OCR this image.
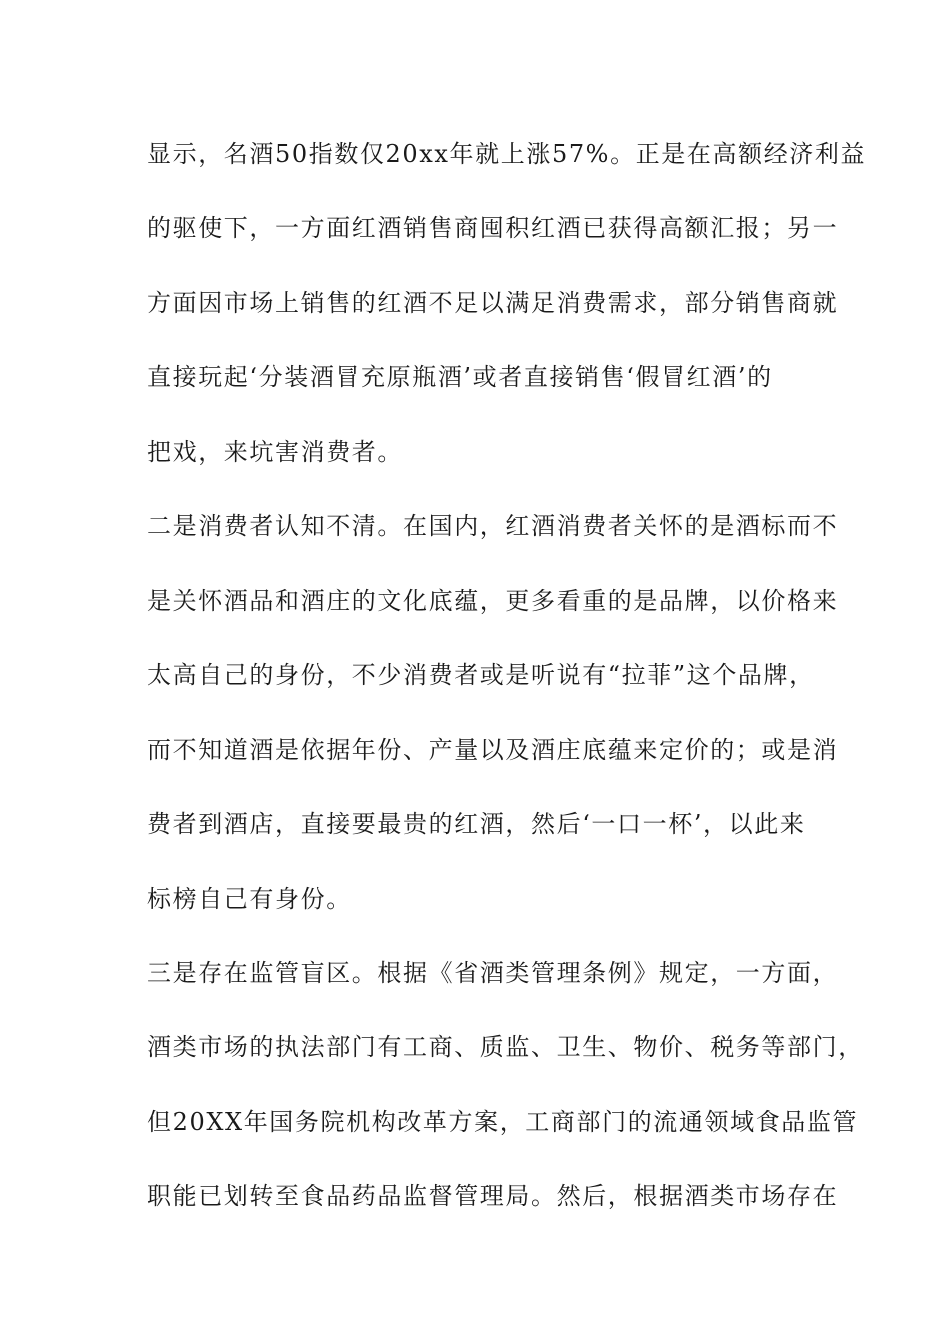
显示，名酒50指数仅20xx年就上涨57%。正是在高额经济利益
的驱使下，一方面红酒销售商囤积红酒已获得高额汇报；另一
方面因市场上销售的红酒不足以满足消费需求，部分销售商就
直接玩起‘分装酒冒充原瓶酒’或者直接销售‘假冒红酒’的
把戏，来坑害消费者。
二是消费者认知不清。在国内，红酒消费者关怀的是酒标而不
是关怀酒品和酒庄的文化底蕴，更多看重的是品牌，以价格来
太高自己的身份，不少消费者或是听说有“拉菲”这个品牌，
而不知道酒是依据年份、产量以及酒庄底蕴来定价的；或是消
费者到酒店，直接要最贵的红酒，然后‘一口一杯’，以此来
标榜自己有身份。
三是存在监管盲区。根据《省酒类管理条例》规定，一方面，
酒类市场的执法部门有工商、质监、卫生、物价、税务等部门，
但20XX年国务院机构改革方案，工商部门的流通领域食品监管
职能已划转至食品药品监督管理局。然后，根据酒类市场存在
